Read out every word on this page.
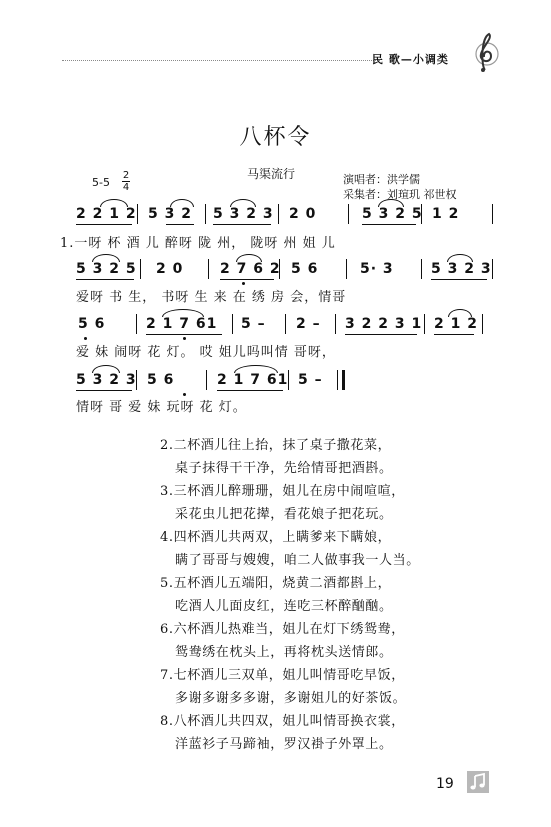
民 歌—小调类
八杯令
马渠流行	演唱者：洪学儒
采集者：刘瑄玑 祁世权
5-5
2
4
2 2 1 2 5 3 2 5 3 2 3 2 0	5 3 2 5 1 2
1.一呀 杯 酒 儿 醉呀 陇 州， 陇呀 州 姐 儿
5 3 2 5 2 0	2 7 6 2 5 6	5· 3	5 3 2 3
爱呀 书 生， 书呀 生 来 在 绣 房 会，情哥
5 6	2 1 7 61 5 – 2 – 3 2 2 3 1 2 1 2
爱 妹 闹呀 花 灯。 哎 姐儿吗叫情 哥呀，
5 3 2 3 5 6	2 1 7 61 5 –
情呀 哥 爱 妹 玩呀 花 灯。
2.二杯酒儿往上抬，抹了桌子撒花菜，
桌子抹得干干净，先给情哥把酒斟。
3.三杯酒儿醉珊珊，姐儿在房中闹喧喧，
采花虫儿把花撵，看花娘子把花玩。
4.四杯酒儿共两双，上瞒爹来下瞒娘，
瞒了哥哥与嫂嫂，咱二人做事我一人当。
5.五杯酒儿五端阳，烧黄二酒都斟上，
吃酒人儿面皮红，连吃三杯醉酗酗。
6.六杯酒儿热难当，姐儿在灯下绣鸳鸯，
鸳鸯绣在枕头上，再将枕头送情郎。
7.七杯酒儿三双单，姐儿叫情哥吃早饭，
多谢多谢多多谢，多谢姐儿的好茶饭。
8.八杯酒儿共四双，姐儿叫情哥换衣裳，
洋蓝衫子马蹄袖，罗汉褂子外罩上。
19
